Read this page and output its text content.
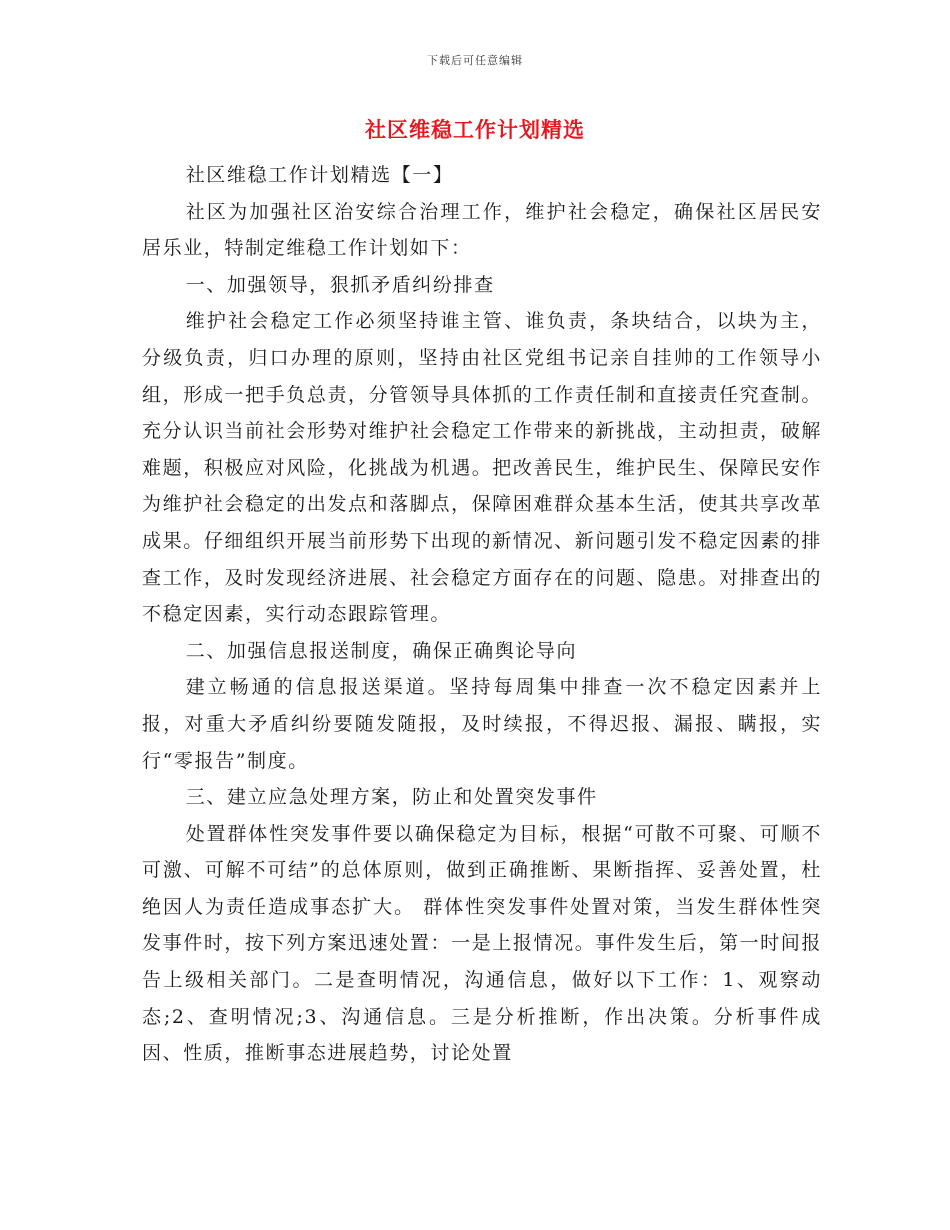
下载后可任意编辑
社区维稳工作计划精选

社区维稳工作计划精选【一】

社区为加强社区治安综合治理工作，维护社会稳定，确保社区居民安居乐业，特制定维稳工作计划如下：

一、加强领导，狠抓矛盾纠纷排查

维护社会稳定工作必须坚持谁主管、谁负责，条块结合，以块为主，分级负责，归口办理的原则，坚持由社区党组书记亲自挂帅的工作领导小组，形成一把手负总责，分管领导具体抓的工作责任制和直接责任究查制。充分认识当前社会形势对维护社会稳定工作带来的新挑战，主动担责，破解难题，积极应对风险，化挑战为机遇。把改善民生，维护民生、保障民安作为维护社会稳定的出发点和落脚点，保障困难群众基本生活，使其共享改革成果。仔细组织开展当前形势下出现的新情况、新问题引发不稳定因素的排查工作，及时发现经济进展、社会稳定方面存在的问题、隐患。对排查出的不稳定因素，实行动态跟踪管理。

二、加强信息报送制度，确保正确舆论导向

建立畅通的信息报送渠道。坚持每周集中排查一次不稳定因素并上报，对重大矛盾纠纷要随发随报，及时续报，不得迟报、漏报、瞒报，实行“零报告”制度。

三、建立应急处理方案，防止和处置突发事件

处置群体性突发事件要以确保稳定为目标，根据“可散不可聚、可顺不可激、可解不可结”的总体原则，做到正确推断、果断指挥、妥善处置，杜绝因人为责任造成事态扩大。 群体性突发事件处置对策，当发生群体性突发事件时，按下列方案迅速处置：一是上报情况。事件发生后，第一时间报告上级相关部门。二是查明情况，沟通信息，做好以下工作：1、观察动态;2、查明情况;3、沟通信息。三是分析推断，作出决策。分析事件成因、性质，推断事态进展趋势，讨论处置
